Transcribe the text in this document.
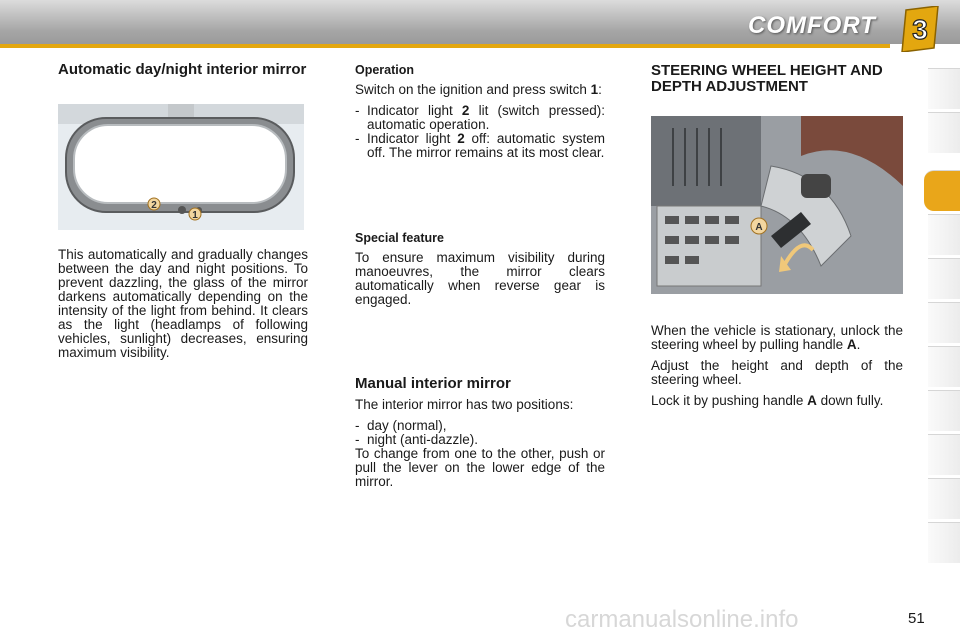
COMFORT 3
Automatic day/night interior mirror
2
1

This automatically and gradually changes between the day and night positions. To prevent dazzling, the glass of the mirror darkens automatically depending on the intensity of the light from behind. It clears as the light (headlamps of following vehicles, sunlight) decreases, ensuring maximum visibility.

Operation

Switch on the ignition and press switch 1:

- Indicator light 2 lit (switch pressed): automatic operation.
- Indicator light 2 off: automatic system off. The mirror remains at its most clear.
Special feature

To ensure maximum visibility during manoeuvres, the mirror clears automatically when reverse gear is engaged.

Manual interior mirror

The interior mirror has two positions:

- day (normal),
- night (anti-dazzle).

To change from one to the other, push or pull the lever on the lower edge of the mirror.

STEERING WHEEL HEIGHT AND DEPTH ADJUSTMENT
A

When the vehicle is stationary, unlock the steering wheel by pulling handle A.

Adjust the height and depth of the steering wheel.

Lock it by pushing handle A down fully.

carmanualsonline.info	51
